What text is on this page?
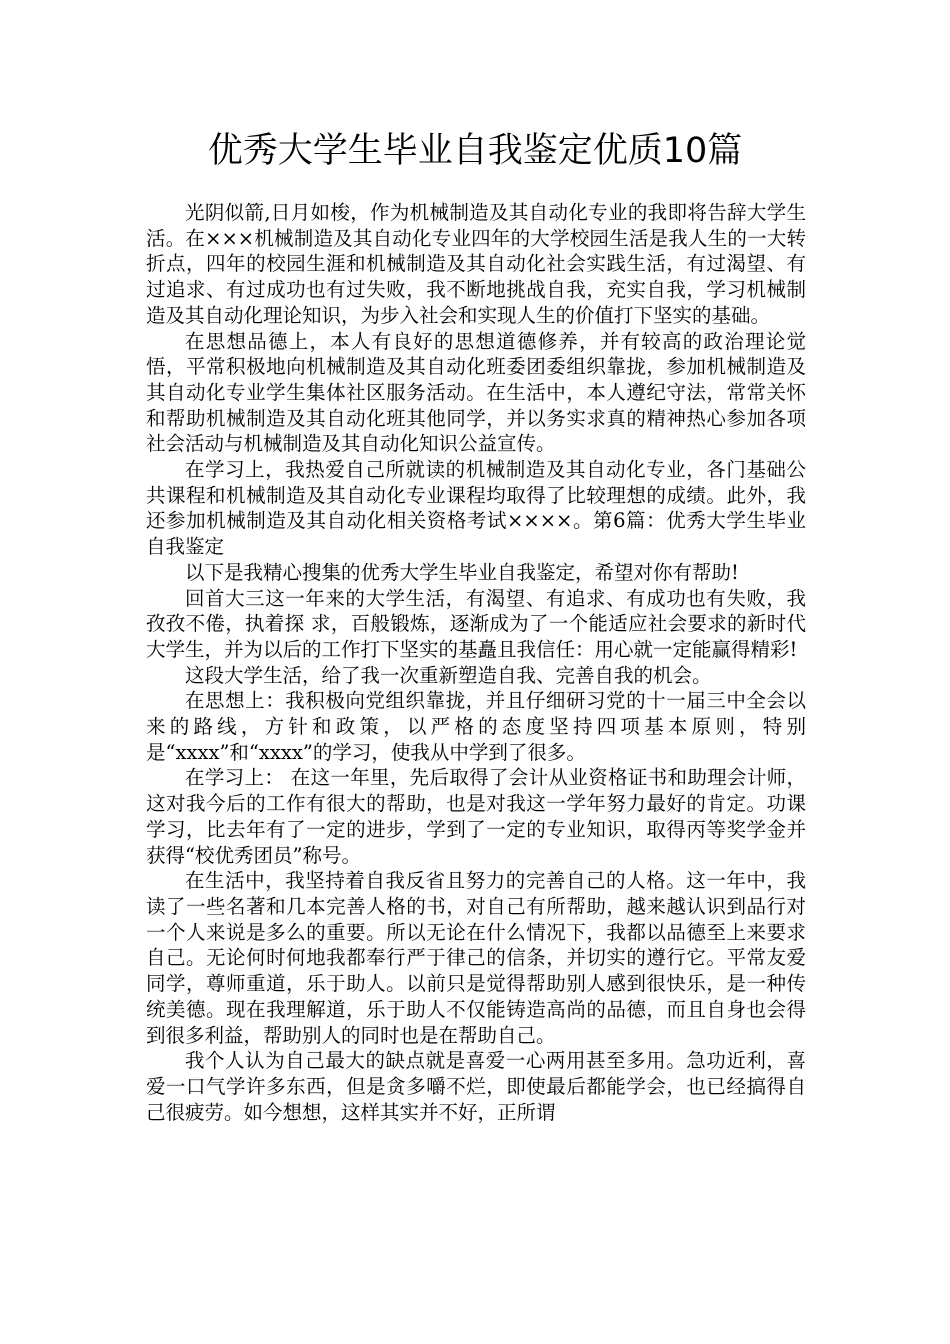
优秀大学生毕业自我鉴定优质10篇

光阴似箭,日月如梭，作为机械制造及其自动化专业的我即将告辞大学生活。在×××机械制造及其自动化专业四年的大学校园生活是我人生的一大转折点，四年的校园生涯和机械制造及其自动化社会实践生活，有过渴望、有过追求、有过成功也有过失败，我不断地挑战自我，充实自我，学习机械制造及其自动化理论知识，为步入社会和实现人生的价值打下坚实的基础。

在思想品德上，本人有良好的思想道德修养，并有较高的政治理论觉悟，平常积极地向机械制造及其自动化班委团委组织靠拢，参加机械制造及其自动化专业学生集体社区服务活动。在生活中，本人遵纪守法，常常关怀和帮助机械制造及其自动化班其他同学，并以务实求真的精神热心参加各项社会活动与机械制造及其自动化知识公益宣传。

在学习上，我热爱自己所就读的机械制造及其自动化专业，各门基础公共课程和机械制造及其自动化专业课程均取得了比较理想的成绩。此外，我还参加机械制造及其自动化相关资格考试××××。第6篇：优秀大学生毕业自我鉴定

以下是我精心搜集的优秀大学生毕业自我鉴定，希望对你有帮助!

回首大三这一年来的大学生活，有渴望、有追求、有成功也有失败，我孜孜不倦，执着探 求，百般锻炼，逐渐成为了一个能适应社会要求的新时代大学生，并为以后的工作打下坚实的基矗且我信任：用心就一定能赢得精彩!

这段大学生活，给了我一次重新塑造自我、完善自我的机会。

在思想上：我积极向党组织靠拢，并且仔细研习党的十一届三中全会以来的路线，方针和政策，以严格的态度坚持四项基本原则，特别是“xxxx”和“xxxx”的学习，使我从中学到了很多。

在学习上： 在这一年里，先后取得了会计从业资格证书和助理会计师，这对我今后的工作有很大的帮助，也是对我这一学年努力最好的肯定。功课学习，比去年有了一定的进步，学到了一定的专业知识，取得丙等奖学金并获得“校优秀团员”称号。

在生活中，我坚持着自我反省且努力的完善自己的人格。这一年中，我读了一些名著和几本完善人格的书，对自己有所帮助，越来越认识到品行对一个人来说是多么的重要。所以无论在什么情况下，我都以品德至上来要求自己。无论何时何地我都奉行严于律己的信条，并切实的遵行它。平常友爱同学，尊师重道，乐于助人。以前只是觉得帮助别人感到很快乐，是一种传统美德。现在我理解道，乐于助人不仅能铸造高尚的品德，而且自身也会得到很多利益，帮助别人的同时也是在帮助自己。

我个人认为自己最大的缺点就是喜爱一心两用甚至多用。急功近利，喜爱一口气学许多东西，但是贪多嚼不烂，即使最后都能学会，也已经搞得自己很疲劳。如今想想，这样其实并不好，正所谓
